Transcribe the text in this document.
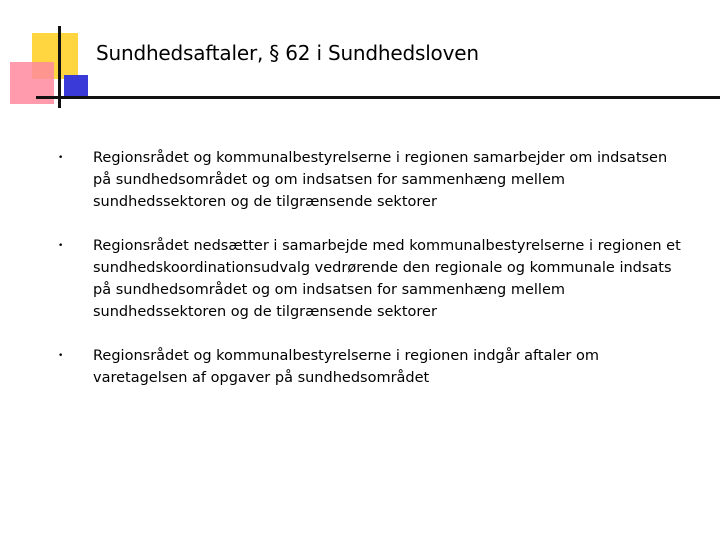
Sundhedsaftaler, § 62 i Sundhedsloven
• Regionsrådet og kommunalbestyrelserne i regionen samarbejder om indsatsen
på sundhedsområdet og om indsatsen for sammenhæng mellem
sundhedssektoren og de tilgrænsende sektorer
• Regionsrådet nedsætter i samarbejde med kommunalbestyrelserne i regionen et
sundhedskoordinationsudvalg vedrørende den regionale og kommunale indsats
på sundhedsområdet og om indsatsen for sammenhæng mellem
sundhedssektoren og de tilgrænsende sektorer
• Regionsrådet og kommunalbestyrelserne i regionen indgår aftaler om
varetagelsen af opgaver på sundhedsområdet
